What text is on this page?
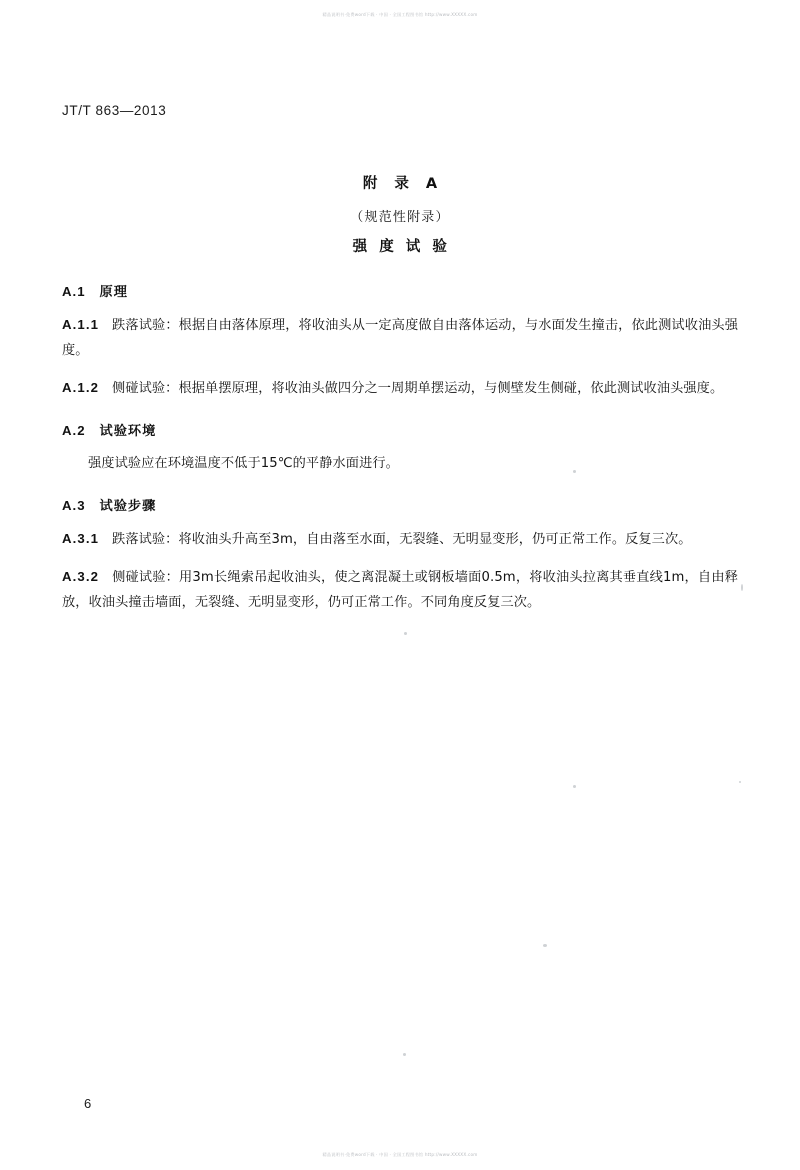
精品说明书·免费word下载 · 中国 · 全国工程图书馆 http://www.XXXXX.com
JT/T 863—2013
附 录 A
（规范性附录）
强 度 试 验
A.1 原理
A.1.1 跌落试验：根据自由落体原理，将收油头从一定高度做自由落体运动，与水面发生撞击，依此测试收油头强度。
A.1.2 侧碰试验：根据单摆原理，将收油头做四分之一周期单摆运动，与侧壁发生侧碰，依此测试收油头强度。
A.2 试验环境
强度试验应在环境温度不低于15℃的平静水面进行。
A.3 试验步骤
A.3.1 跌落试验：将收油头升高至3m，自由落至水面，无裂缝、无明显变形，仍可正常工作。反复三次。
A.3.2 侧碰试验：用3m长绳索吊起收油头，使之离混凝土或钢板墙面0.5m，将收油头拉离其垂直线1m，自由释放，收油头撞击墙面，无裂缝、无明显变形，仍可正常工作。不同角度反复三次。
6
精品说明书·免费word下载 · 中国 · 全国工程图书馆 http://www.XXXXX.com
